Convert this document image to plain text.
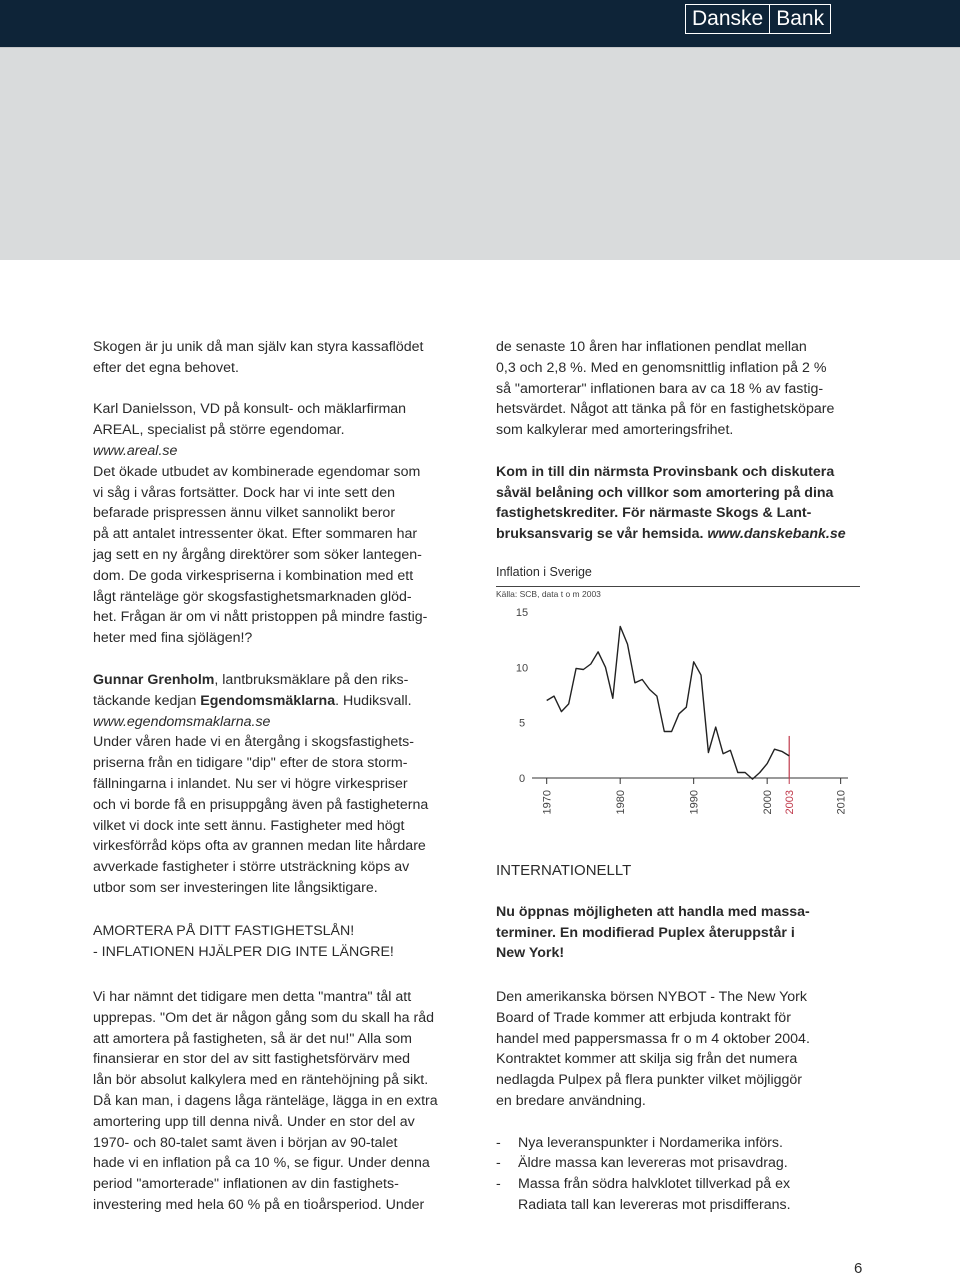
Danske Bank

Skogen är ju unik då man själv kan styra kassaflödet

efter det egna behovet.

Karl Danielsson, VD på konsult- och mäklarfirman

AREAL, specialist på större egendomar.

www.areal.se

Det ökade utbudet av kombinerade egendomar som

vi såg i våras fortsätter. Dock har vi inte sett den

befarade prispressen ännu vilket sannolikt beror

på att antalet intressenter ökat. Efter sommaren har

jag sett en ny årgång direktörer som söker lantegen-

dom. De goda virkespriserna i kombination med ett

lågt ränteläge gör skogsfastighetsmarknaden glöd-

het. Frågan är om vi nått pristoppen på mindre fastig-

heter med fina sjölägen!?

Gunnar Grenholm, lantbruksmäklare på den riks-

täckande kedjan Egendomsmäklarna. Hudiksvall.

www.egendomsmaklarna.se

Under våren hade vi en återgång i skogsfastighets-

priserna från en tidigare "dip" efter de stora storm-

fällningarna i inlandet. Nu ser vi högre virkespriser

och vi borde få en prisuppgång även på fastigheterna

vilket vi dock inte sett ännu. Fastigheter med högt

virkesförråd köps ofta av grannen medan lite hårdare

avverkade fastigheter i större utsträckning köps av

utbor som ser investeringen lite långsiktigare.

AMORTERA PÅ DITT FASTIGHETSLÅN!

- INFLATIONEN HJÄLPER DIG INTE LÄNGRE!

Vi har nämnt det tidigare men detta "mantra" tål att

upprepas. "Om det är någon gång som du skall ha råd

att amortera på fastigheten, så är det nu!" Alla som

finansierar en stor del av sitt fastighetsförvärv med

lån bör absolut kalkylera med en räntehöjning på sikt.

Då kan man, i dagens låga ränteläge, lägga in en extra

amortering upp till denna nivå. Under en stor del av

1970- och 80-talet samt även i början av 90-talet

hade vi en inflation på ca 10 %, se figur. Under denna

period "amorterade" inflationen av din fastighets-

investering med hela 60 % på en tioårsperiod. Under

de senaste 10 åren har inflationen pendlat mellan

0,3 och 2,8 %. Med en genomsnittlig inflation på 2 %

så "amorterar" inflationen bara av ca 18 % av fastig-

hetsvärdet. Något att tänka på för en fastighetsköpare

som kalkylerar med amorteringsfrihet.

Kom in till din närmsta Provinsbank och diskutera

såväl belåning och villkor som amortering på dina

fastighetskrediter. För närmaste Skogs & Lant-

bruksansvarig se vår hemsida. www.danskebank.se

Inflation i Sverige
Källa: SCB, data t o m 2003
15
10
5
0
1970	1980	1990	2000 2003	2010

INTERNATIONELLT

Nu öppnas möjligheten att handla med massa-

terminer. En modifierad Puplex återuppstår i

New York!

Den amerikanska börsen NYBOT - The New York

Board of Trade kommer att erbjuda kontrakt för

handel med pappersmassa fr o m 4 oktober 2004.

Kontraktet kommer att skilja sig från det numera

nedlagda Pulpex på flera punkter vilket möjliggör

en bredare användning.

- Nya leveranspunkter i Nordamerika införs.
- Äldre massa kan levereras mot prisavdrag.
- Massa från södra halvklotet tillverkad på ex
Radiata tall kan levereras mot prisdifferans.
6
